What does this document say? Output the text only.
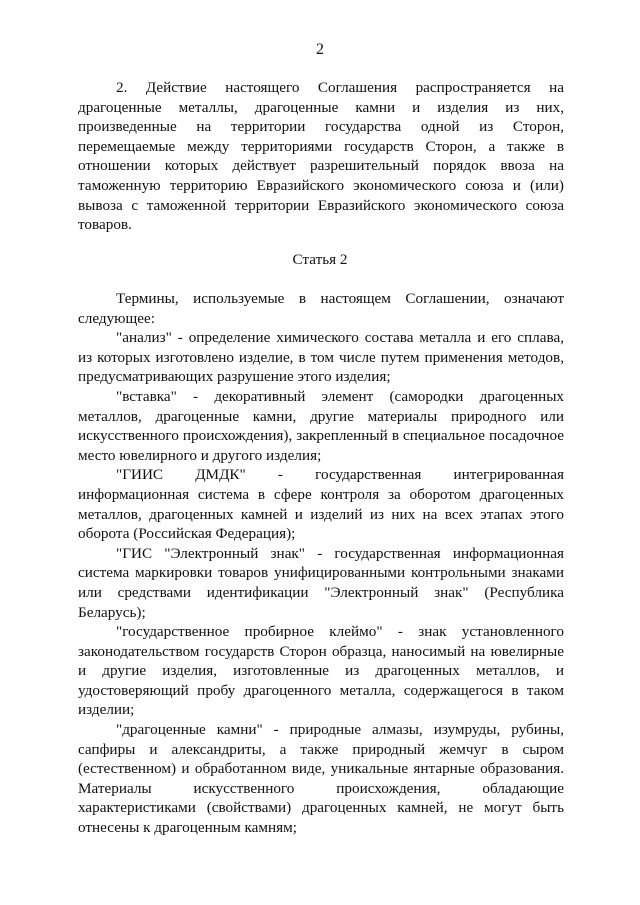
2

2. Действие настоящего Соглашения распространяется на драгоценные металлы, драгоценные камни и изделия из них, произведенные на территории государства одной из Сторон, перемещаемые между территориями государств Сторон, а также в отношении которых действует разрешительный порядок ввоза на таможенную территорию Евразийского экономического союза и (или) вывоза с таможенной территории Евразийского экономического союза товаров.

Статья 2

Термины, используемые в настоящем Соглашении, означают следующее:

"анализ" - определение химического состава металла и его сплава, из которых изготовлено изделие, в том числе путем применения методов, предусматривающих разрушение этого изделия;

"вставка" - декоративный элемент (самородки драгоценных металлов, драгоценные камни, другие материалы природного или искусственного происхождения), закрепленный в специальное посадочное место ювелирного и другого изделия;

"ГИИС ДМДК" - государственная интегрированная информационная система в сфере контроля за оборотом драгоценных металлов, драгоценных камней и изделий из них на всех этапах этого оборота (Российская Федерация);

"ГИС "Электронный знак" - государственная информационная система маркировки товаров унифицированными контрольными знаками или средствами идентификации "Электронный знак" (Республика Беларусь);

"государственное пробирное клеймо" - знак установленного законодательством государств Сторон образца, наносимый на ювелирные и другие изделия, изготовленные из драгоценных металлов, и удостоверяющий пробу драгоценного металла, содержащегося в таком изделии;

"драгоценные камни" - природные алмазы, изумруды, рубины, сапфиры и александриты, а также природный жемчуг в сыром (естественном) и обработанном виде, уникальные янтарные образования. Материалы искусственного происхождения, обладающие характеристиками (свойствами) драгоценных камней, не могут быть отнесены к драгоценным камням;
